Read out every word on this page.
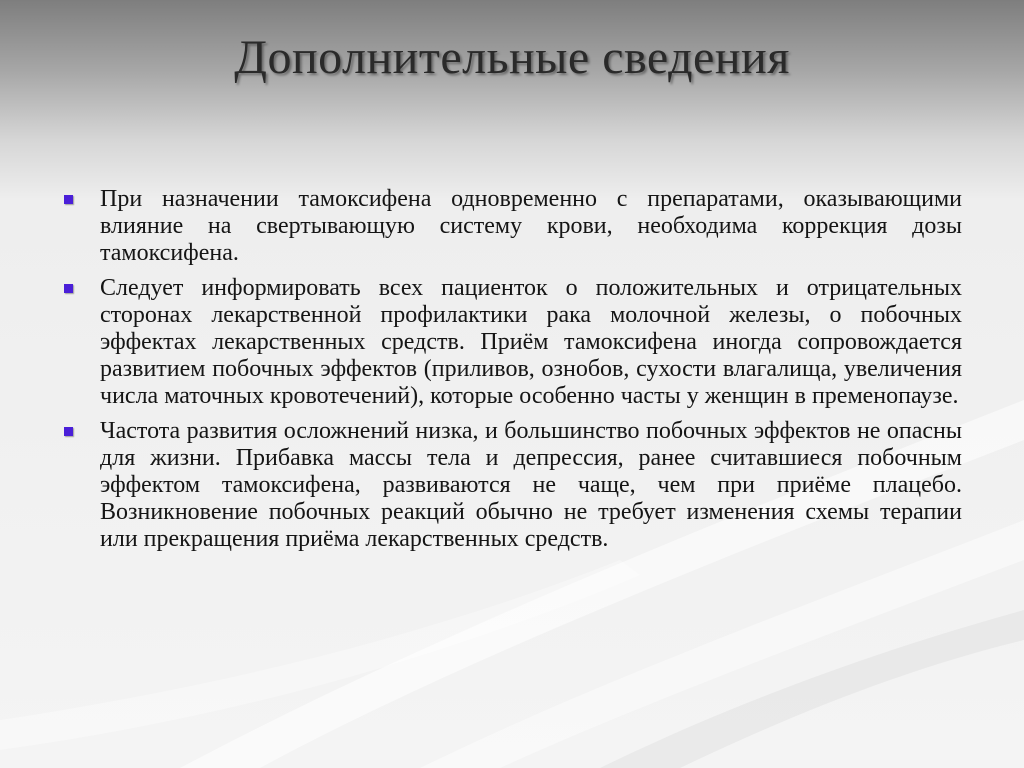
Дополнительные сведения
При назначении тамоксифена одновременно с препаратами, оказывающими влияние на свертывающую систему крови, необходима коррекция дозы тамоксифена.
Следует информировать всех пациенток о положительных и отрицательных сторонах лекарственной профилактики рака молочной железы, о побочных эффектах лекарственных средств. Приём тамоксифена иногда сопровождается развитием побочных эффектов (приливов, ознобов, сухости влагалища, увеличения числа маточных кровотечений), которые особенно часты у женщин в пременопаузе.
Частота развития осложнений низка, и большинство побочных эффектов не опасны для жизни. Прибавка массы тела и депрессия, ранее считавшиеся побочным эффектом тамоксифена, развиваются не чаще, чем при приёме плацебо. Возникновение побочных реакций обычно не требует изменения схемы терапии или прекращения приёма лекарственных средств.
